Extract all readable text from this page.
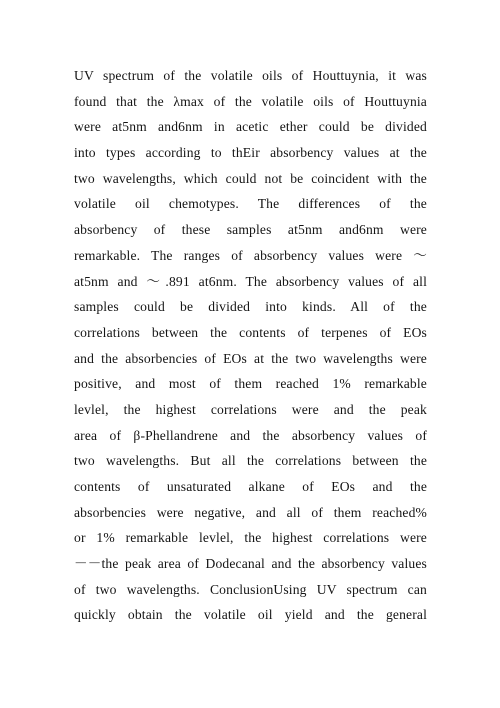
UV spectrum of the volatile oils of Houttuynia, it was
found that the λmax of the volatile oils of Houttuynia
were at5nm and6nm in acetic ether could be divided
into types according to thEir absorbency values at the
two wavelengths, which could not be coincident with the
volatile oil chemotypes. The differences of the
absorbency of these samples at5nm and6nm were
remarkable. The ranges of absorbency values were ～
at5nm and ～.891 at6nm. The absorbency values of all
samples could be divided into kinds. All of the
correlations between the contents of terpenes of EOs
and the absorbencies of EOs at the two wavelengths were
positive, and most of them reached 1% remarkable
levlel, the highest correlations were and the peak
area of β-Phellandrene and the absorbency values of
two wavelengths. But all the correlations between the
contents of unsaturated alkane of EOs and the
absorbencies were negative, and all of them reached%
or 1% remarkable levlel, the highest correlations were
－－the peak area of Dodecanal and the absorbency values
of two wavelengths. ConclusionUsing UV spectrum can
quickly obtain the volatile oil yield and the general
